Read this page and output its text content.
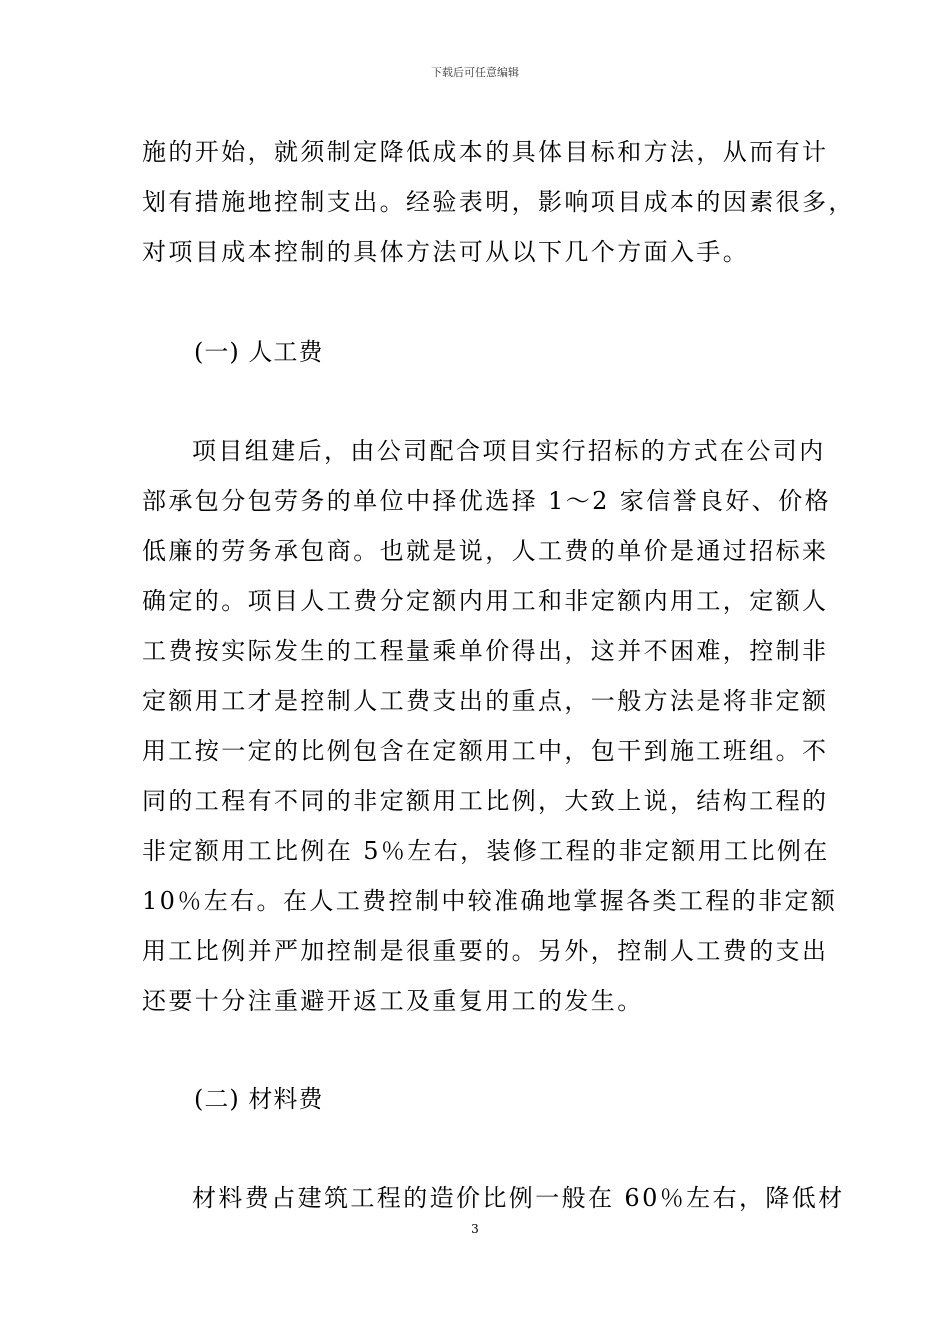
下载后可任意编辑
施的开始，就须制定降低成本的具体目标和方法，从而有计
划有措施地控制支出。经验表明，影响项目成本的因素很多，
对项目成本控制的具体方法可从以下几个方面入手。
(一) 人工费
项目组建后，由公司配合项目实行招标的方式在公司内
部承包分包劳务的单位中择优选择 1～2 家信誉良好、价格
低廉的劳务承包商。也就是说，人工费的单价是通过招标来
确定的。项目人工费分定额内用工和非定额内用工，定额人
工费按实际发生的工程量乘单价得出，这并不困难，控制非
定额用工才是控制人工费支出的重点，一般方法是将非定额
用工按一定的比例包含在定额用工中，包干到施工班组。不
同的工程有不同的非定额用工比例，大致上说，结构工程的
非定额用工比例在 5％左右，装修工程的非定额用工比例在
10％左右。在人工费控制中较准确地掌握各类工程的非定额
用工比例并严加控制是很重要的。另外，控制人工费的支出
还要十分注重避开返工及重复用工的发生。
(二) 材料费
材料费占建筑工程的造价比例一般在 60％左右，降低材
3
